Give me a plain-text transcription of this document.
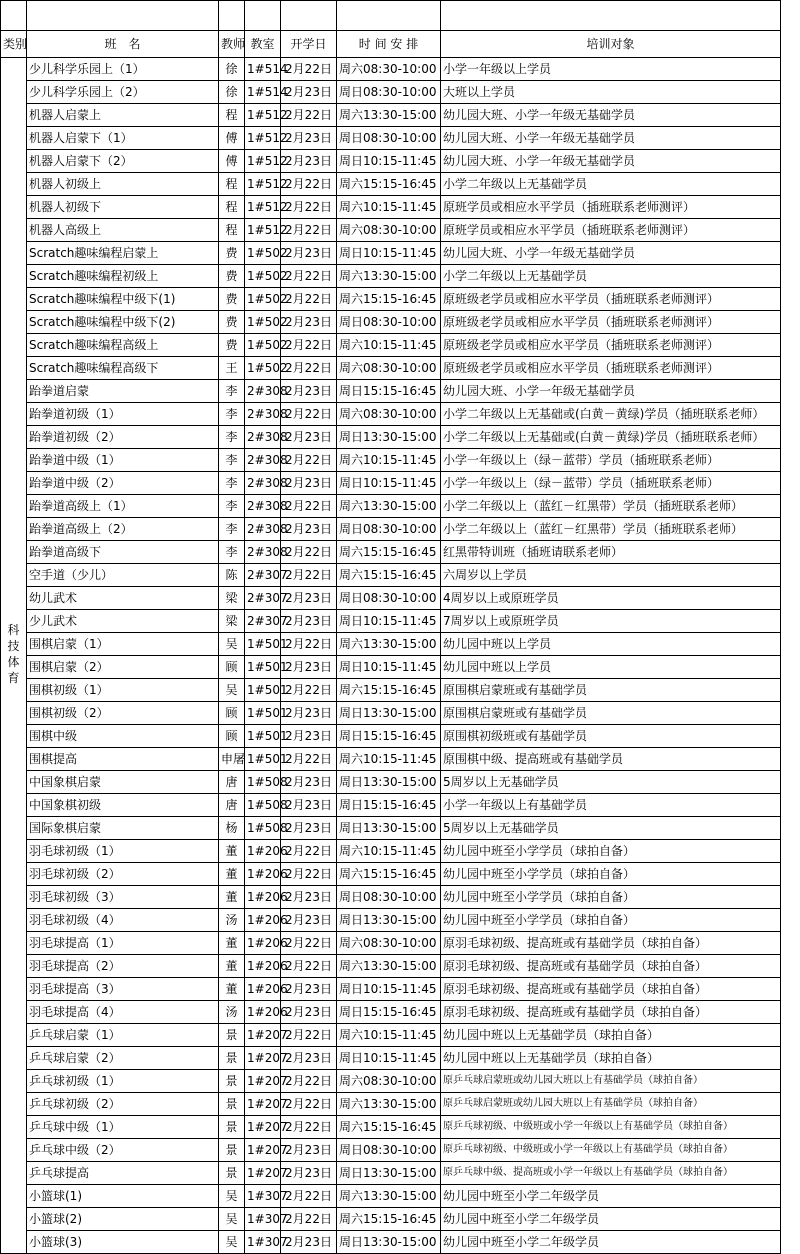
类别	班　名	教师	教室	开学日	时 间 安 排	培训对象
科技体育	少儿科学乐园上（1）	徐	1#514	2月22日	周六08:30-10:00	小学一年级以上学员
	少儿科学乐园上（2）	徐	1#514	2月23日	周日08:30-10:00	大班以上学员
	机器人启蒙上	程	1#512	2月22日	周六13:30-15:00	幼儿园大班、小学一年级无基础学员
	机器人启蒙下（1）	傅	1#512	2月23日	周日08:30-10:00	幼儿园大班、小学一年级无基础学员
	机器人启蒙下（2）	傅	1#512	2月23日	周日10:15-11:45	幼儿园大班、小学一年级无基础学员
	机器人初级上	程	1#512	2月22日	周六15:15-16:45	小学二年级以上无基础学员
	机器人初级下	程	1#512	2月22日	周六10:15-11:45	原班学员或相应水平学员（插班联系老师测评）
	机器人高级上	程	1#512	2月22日	周六08:30-10:00	原班学员或相应水平学员（插班联系老师测评）
	Scratch趣味编程启蒙上	费	1#502	2月23日	周日10:15-11:45	幼儿园大班、小学一年级无基础学员
	Scratch趣味编程初级上	费	1#502	2月22日	周六13:30-15:00	小学二年级以上无基础学员
	Scratch趣味编程中级下(1)	费	1#502	2月22日	周六15:15-16:45	原班级老学员或相应水平学员（插班联系老师测评）
	Scratch趣味编程中级下(2)	费	1#502	2月23日	周日08:30-10:00	原班级老学员或相应水平学员（插班联系老师测评）
	Scratch趣味编程高级上	费	1#502	2月22日	周六10:15-11:45	原班级老学员或相应水平学员（插班联系老师测评）
	Scratch趣味编程高级下	王	1#502	2月22日	周六08:30-10:00	原班级老学员或相应水平学员（插班联系老师测评）
	跆拳道启蒙	李	2#308	2月23日	周日15:15-16:45	幼儿园大班、小学一年级无基础学员
	跆拳道初级（1）	李	2#308	2月22日	周六08:30-10:00	小学二年级以上无基础或(白黄－黄绿)学员（插班联系老师）
	跆拳道初级（2）	李	2#308	2月23日	周日13:30-15:00	小学二年级以上无基础或(白黄－黄绿)学员（插班联系老师）
	跆拳道中级（1）	李	2#308	2月22日	周六10:15-11:45	小学一年级以上（绿－蓝带）学员（插班联系老师）
	跆拳道中级（2）	李	2#308	2月23日	周日10:15-11:45	小学一年级以上（绿－蓝带）学员（插班联系老师）
	跆拳道高级上（1）	李	2#308	2月22日	周六13:30-15:00	小学二年级以上（蓝红－红黑带）学员（插班联系老师）
	跆拳道高级上（2）	李	2#308	2月23日	周日08:30-10:00	小学二年级以上（蓝红－红黑带）学员（插班联系老师）
	跆拳道高级下	李	2#308	2月22日	周六15:15-16:45	红黑带特训班（插班请联系老师）
	空手道（少儿）	陈	2#307	2月22日	周六15:15-16:45	六周岁以上学员
	幼儿武术	梁	2#307	2月23日	周日08:30-10:00	4周岁以上或原班学员
	少儿武术	梁	2#307	2月23日	周日10:15-11:45	7周岁以上或原班学员
	围棋启蒙（1）	吴	1#501	2月22日	周六13:30-15:00	幼儿园中班以上学员
	围棋启蒙（2）	顾	1#501	2月23日	周日10:15-11:45	幼儿园中班以上学员
	围棋初级（1）	吴	1#501	2月22日	周六15:15-16:45	原围棋启蒙班或有基础学员
	围棋初级（2）	顾	1#501	2月23日	周日13:30-15:00	原围棋启蒙班或有基础学员
	围棋中级	顾	1#501	2月23日	周日15:15-16:45	原围棋初级班或有基础学员
	围棋提高	申屠	1#501	2月22日	周六10:15-11:45	原围棋中级、提高班或有基础学员
	中国象棋启蒙	唐	1#508	2月23日	周日13:30-15:00	5周岁以上无基础学员
	中国象棋初级	唐	1#508	2月23日	周日15:15-16:45	小学一年级以上有基础学员
	国际象棋启蒙	杨	1#508	2月23日	周日13:30-15:00	5周岁以上无基础学员
	羽毛球初级（1）	董	1#206	2月22日	周六10:15-11:45	幼儿园中班至小学学员（球拍自备）
	羽毛球初级（2）	董	1#206	2月22日	周六15:15-16:45	幼儿园中班至小学学员（球拍自备）
	羽毛球初级（3）	董	1#206	2月23日	周日08:30-10:00	幼儿园中班至小学学员（球拍自备）
	羽毛球初级（4）	汤	1#206	2月23日	周日13:30-15:00	幼儿园中班至小学学员（球拍自备）
	羽毛球提高（1）	董	1#206	2月22日	周六08:30-10:00	原羽毛球初级、提高班或有基础学员（球拍自备）
	羽毛球提高（2）	董	1#206	2月22日	周六13:30-15:00	原羽毛球初级、提高班或有基础学员（球拍自备）
	羽毛球提高（3）	董	1#206	2月23日	周日10:15-11:45	原羽毛球初级、提高班或有基础学员（球拍自备）
	羽毛球提高（4）	汤	1#206	2月23日	周日15:15-16:45	原羽毛球初级、提高班或有基础学员（球拍自备）
	乒乓球启蒙（1）	景	1#207	2月22日	周六10:15-11:45	幼儿园中班以上无基础学员（球拍自备）
	乒乓球启蒙（2）	景	1#207	2月23日	周日10:15-11:45	幼儿园中班以上无基础学员（球拍自备）
	乒乓球初级（1）	景	1#207	2月22日	周六08:30-10:00	原乒乓球启蒙班或幼儿园大班以上有基础学员（球拍自备）
	乒乓球初级（2）	景	1#207	2月22日	周六13:30-15:00	原乒乓球启蒙班或幼儿园大班以上有基础学员（球拍自备）
	乒乓球中级（1）	景	1#207	2月22日	周六15:15-16:45	原乒乓球初级、中级班或小学一年级以上有基础学员（球拍自备）
	乒乓球中级（2）	景	1#207	2月23日	周日08:30-10:00	原乒乓球初级、中级班或小学一年级以上有基础学员（球拍自备）
	乒乓球提高	景	1#207	2月23日	周日13:30-15:00	原乒乓球中级、提高班或小学一年级以上有基础学员（球拍自备）
	小篮球(1)	吴	1#307	2月22日	周六13:30-15:00	幼儿园中班至小学二年级学员
	小篮球(2)	吴	1#307	2月22日	周六15:15-16:45	幼儿园中班至小学二年级学员
	小篮球(3)	吴	1#307	2月23日	周日13:30-15:00	幼儿园中班至小学二年级学员
